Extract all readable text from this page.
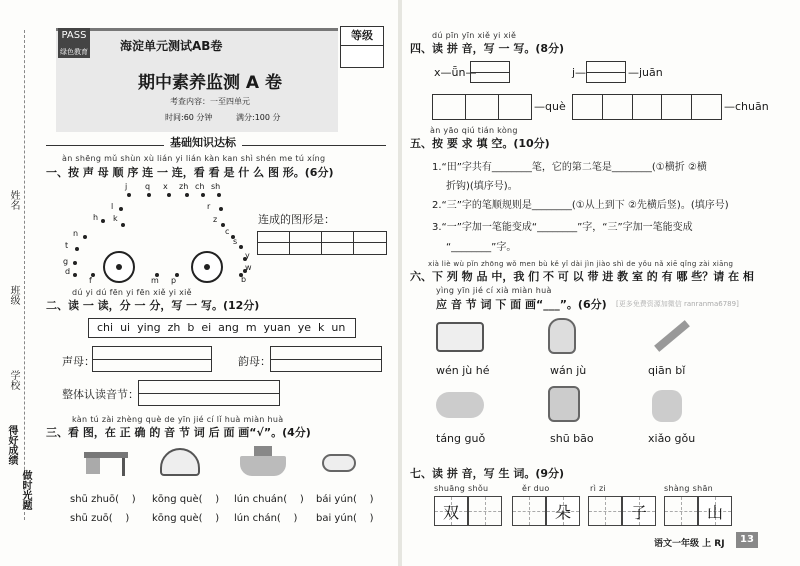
姓名
班级
学校
得好成绩
做时光题
PASS
绿色教育	海淀单元测试AB卷
等级
期中素养监测 A 卷
考查内容：一至四单元
时间:60 分钟	满分:100 分
基础知识达标
àn shēng mǔ shùn xù lián yi lián kàn kan shì shén me tú xíng
一、按 声 母 顺 序 连 一 连，看 看 是 什 么 图 形。(6分)
j q x zh ch sh
l
k
r
h	z
n	c
t	s
g
y
d
f
w
b
m p
连成的图形是：
dú yi dú fēn yi fēn xiě yi xiě
二、读 一 读，分 一 分，写 一 写。(12分)
chi  ui  ying  zh  b  ei  ang  m  yuan  ye  k  un
声母：	韵母：
整体认读音节：
kàn tú zài zhèng què de yīn jié cí lǐ huà miàn huà
三、看 图，在 正 确 的 音 节 词 后 面 画“√”。(4分)
shū zhuō(    )
shū zuō(    )
kōng què(    )
kōng què(    )
lún chuán(    )
lún chán(    )
bái yún(    )
bai yún(    )
dú pīn yīn xiě yi xiě
四、读 拼 音，写 一 写。(8分)
x—ǖn—	j—	—juān
—què	—chuān
àn yāo qiú tián kòng
五、按 要 求 填 空。(10分)
1.“田”字共有________笔，它的第二笔是________(①横折 ②横
折钩)(填序号)。
2.“三”字的笔顺规则是________(①从上到下 ②先横后竖)。(填序号)
3.“一”字加一笔能变成“________”字，“三”字加一笔能变成
“________”字。
xià liè wù pǐn zhōng wǒ men bù kě yǐ dài jìn jiào shì de yǒu nǎ xiē qǐng zài xiāng
六、下 列 物 品 中，我 们 不 可 以 带 进 教 室 的 有 哪 些？请 在 相
yìng yīn jié cí xià miàn huà
应 音 节 词 下 面 画“___”。(6分) [更多免费资源加微信 ranranma6789]
wén jù hé	wán jù	qiān bǐ
táng guǒ	shū bāo	xiǎo gǒu
七、读 拼 音，写 生 词。(9分)
shuāng shǒu
双
ěr duo
朵
rì zi
子
shàng shān
山
语文一年级 上 RJ	13
